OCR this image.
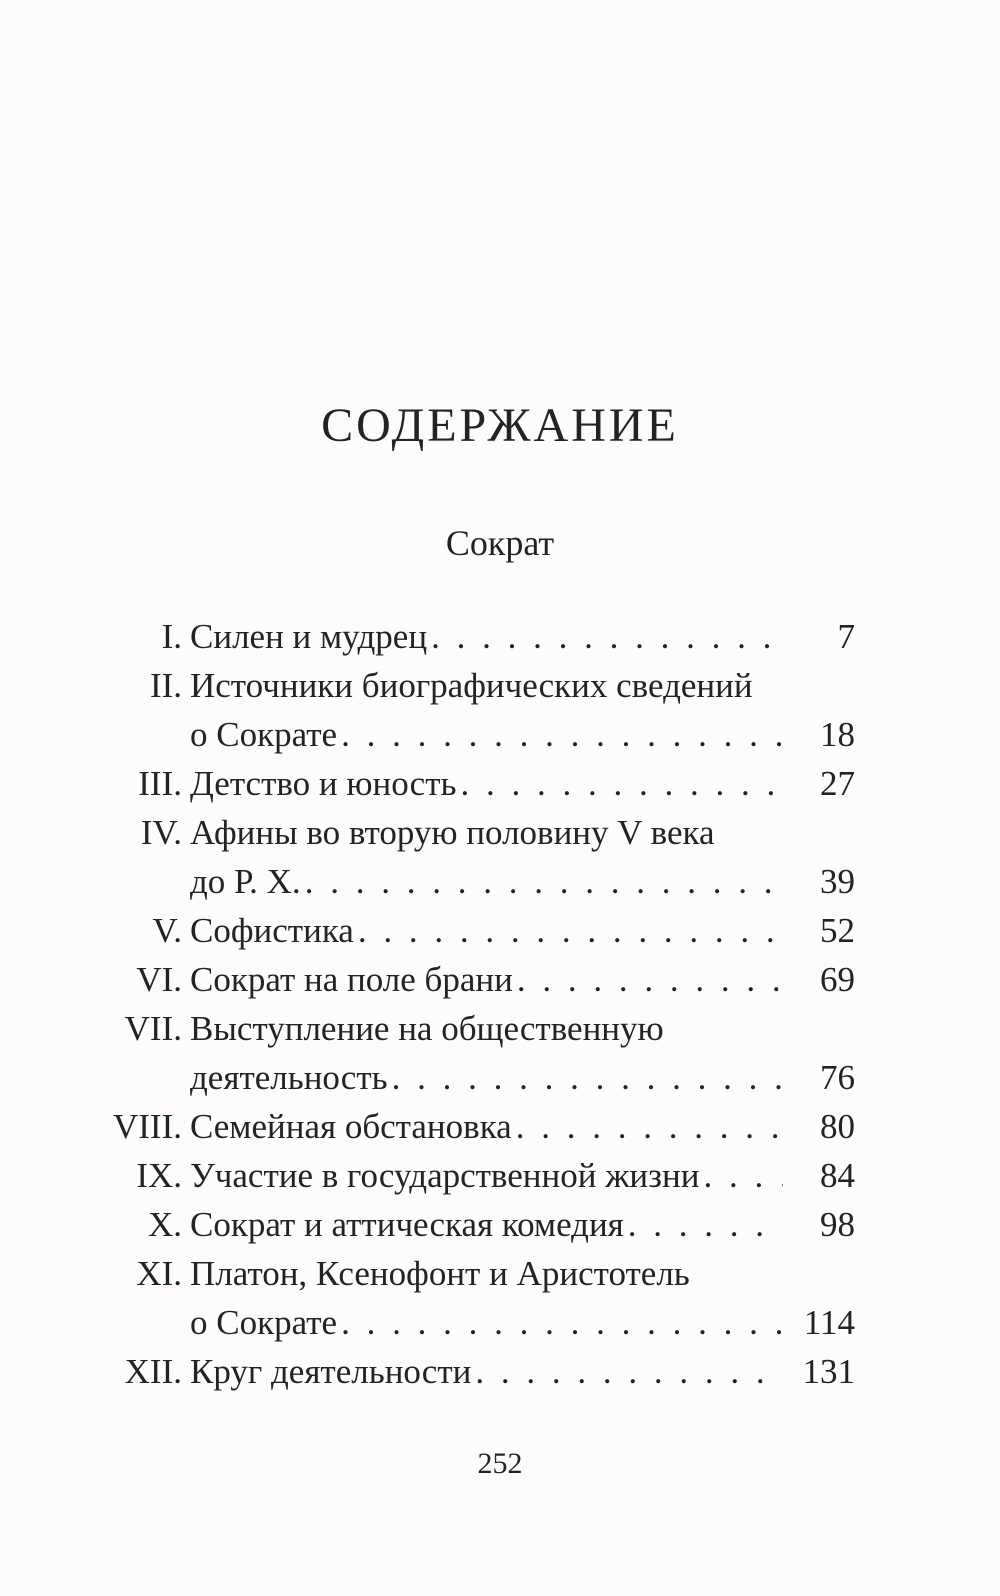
СОДЕРЖАНИЕ
Сократ
I. Силен и мудрец . . .	7
II. Источники биографических сведений
о Сократе . . .	18
III. Детство и юность . . .	27
IV. Афины во вторую половину V века
до Р. Х. . . .	39
V. Софистика . . .	52
VI. Сократ на поле брани . . .	69
VII. Выступление на общественную
деятельность . . .	76
VIII. Семейная обстановка . . .	80
IX. Участие в государственной жизни . . .	84
X. Сократ и аттическая комедия . . .	98
XI. Платон, Ксенофонт и Аристотель
о Сократе . . .	114
XII. Круг деятельности . . .	131
252
